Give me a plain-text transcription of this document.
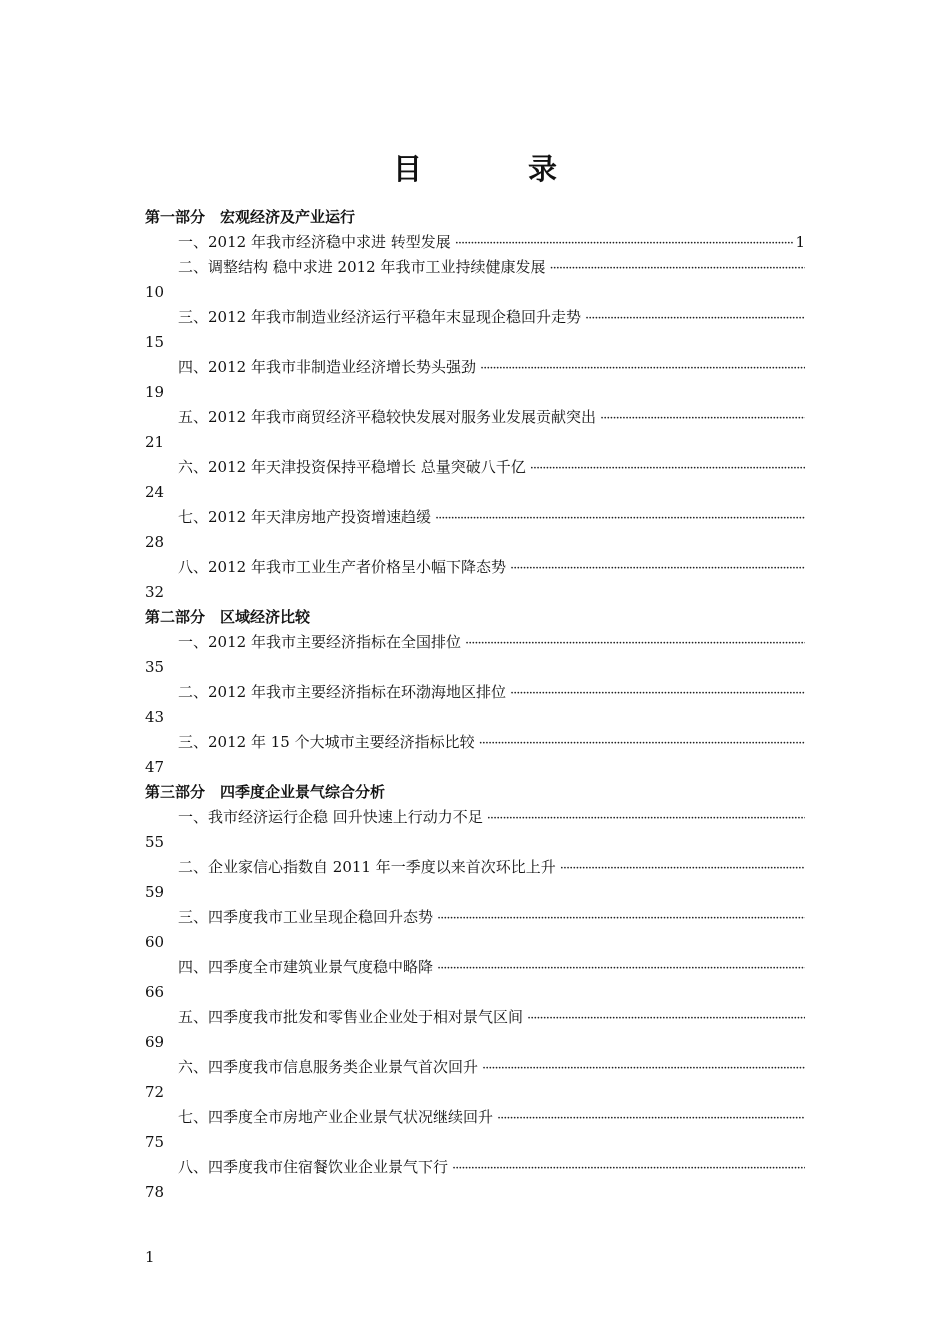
目 录
第一部分　宏观经济及产业运行
一、2012 年我市经济稳中求进 转型发展
·····	1
二、调整结构 稳中求进 2012 年我市工业持续健康发展
·····
10
三、2012 年我市制造业经济运行平稳年末显现企稳回升走势
·····
15
四、2012 年我市非制造业经济增长势头强劲
·····
19
五、2012 年我市商贸经济平稳较快发展对服务业发展贡献突出
·····
21
六、2012 年天津投资保持平稳增长 总量突破八千亿
·····
24
七、2012 年天津房地产投资增速趋缓
·····
28
八、2012 年我市工业生产者价格呈小幅下降态势
·····
32
第二部分　区域经济比较
一、2012 年我市主要经济指标在全国排位
·····
35
二、2012 年我市主要经济指标在环渤海地区排位
·····
43
三、2012 年 15 个大城市主要经济指标比较
·····
47
第三部分　四季度企业景气综合分析
一、我市经济运行企稳 回升快速上行动力不足
·····
55
二、企业家信心指数自 2011 年一季度以来首次环比上升
·····
59
三、四季度我市工业呈现企稳回升态势
·····
60
四、四季度全市建筑业景气度稳中略降
·····
66
五、四季度我市批发和零售业企业处于相对景气区间
·····
69
六、四季度我市信息服务类企业景气首次回升
·····
72
七、四季度全市房地产业企业景气状况继续回升
·····
75
八、四季度我市住宿餐饮业企业景气下行
·····
78
1
